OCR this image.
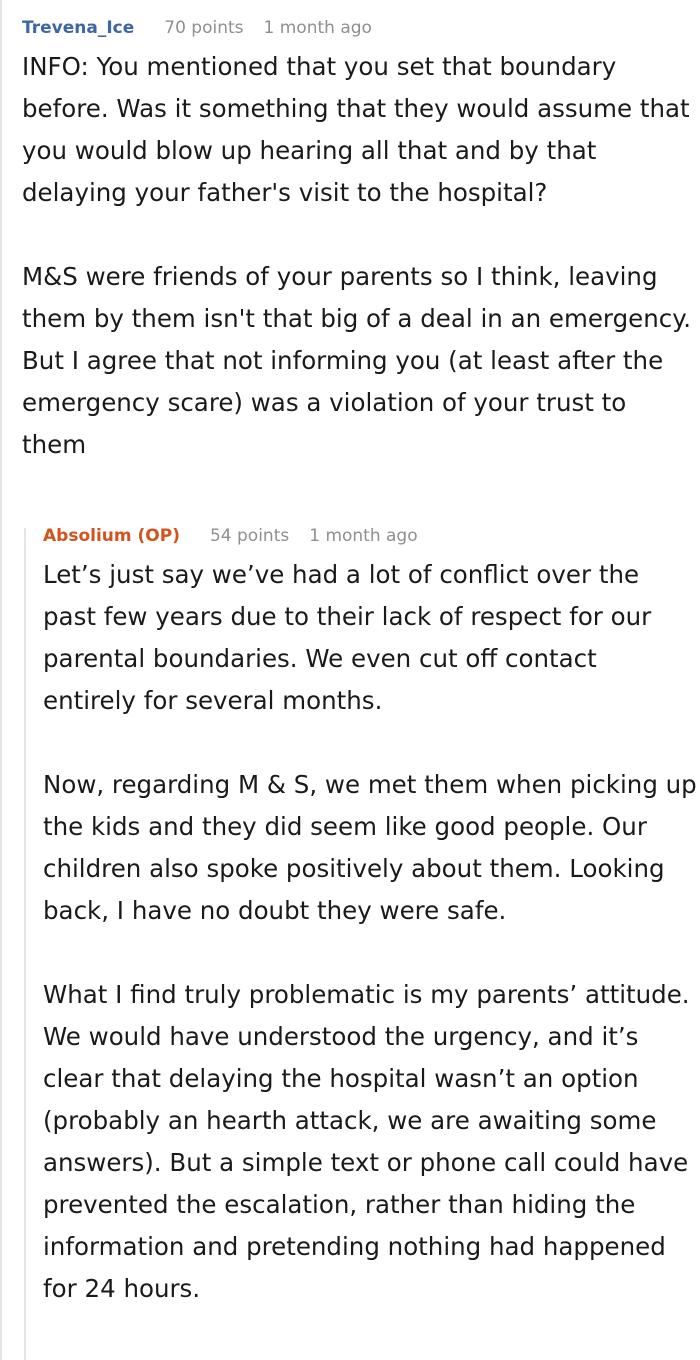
Trevena_Ice 70 points 1 month ago

INFO: You mentioned that you set that boundary before. Was it something that they would assume that you would blow up hearing all that and by that delaying your father's visit to the hospital?

M&S were friends of your parents so I think, leaving them by them isn't that big of a deal in an emergency. But I agree that not informing you (at least after the emergency scare) was a violation of your trust to them

Absolium (OP) 54 points 1 month ago

Let’s just say we’ve had a lot of conflict over the past few years due to their lack of respect for our parental boundaries. We even cut off contact entirely for several months.

Now, regarding M & S, we met them when picking up the kids and they did seem like good people. Our children also spoke positively about them. Looking back, I have no doubt they were safe.

What I find truly problematic is my parents’ attitude. We would have understood the urgency, and it’s clear that delaying the hospital wasn’t an option (probably an hearth attack, we are awaiting some answers). But a simple text or phone call could have prevented the escalation, rather than hiding the information and pretending nothing had happened for 24 hours.
